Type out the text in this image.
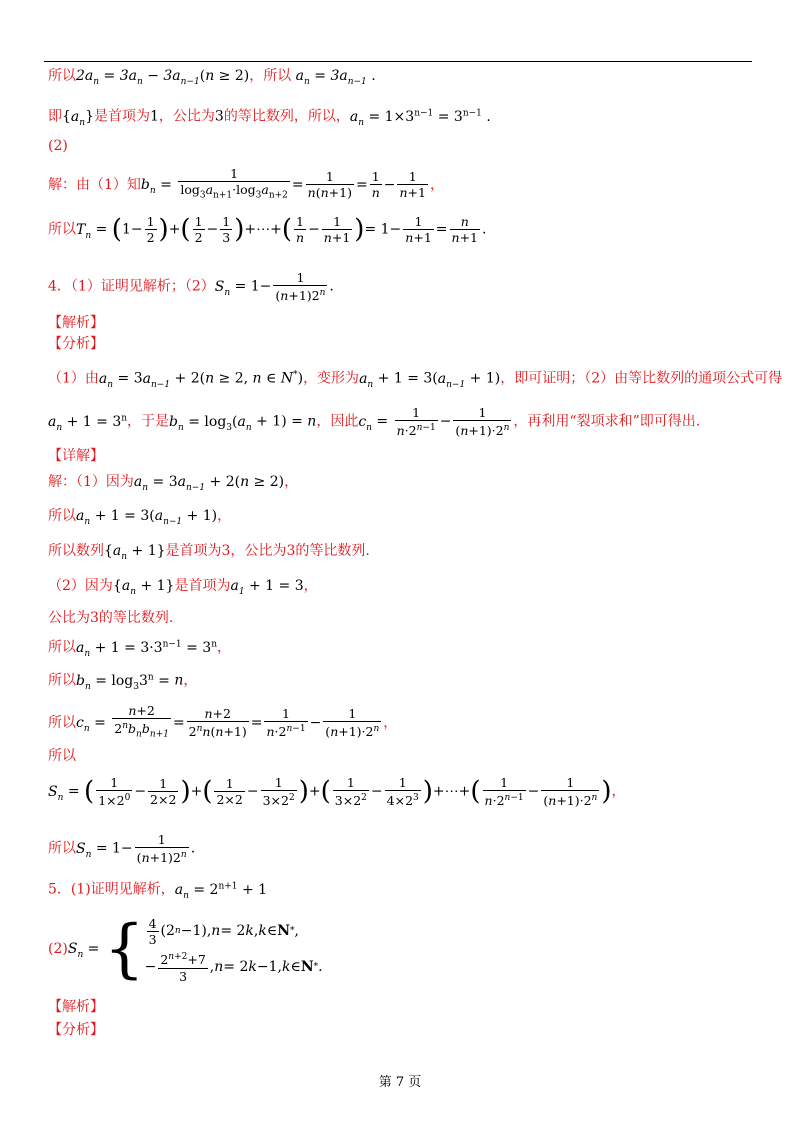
所以$2a_n = 3a_n - 3a_{n-1}(n \ge 2)$，所以 $a_n = 3a_{n-1}$ .
即$\{a_n\}$是首项为1，公比为3的等比数列，所以，$a_n = 1\times 3^{n-1} = 3^{n-1}$ .
(2)
解：由（1）知$b_n = \frac{1}{\log_3a_{n+1}\cdot\log_3a_{n+2}} = \frac{1}{n(n+1)} = \frac{1}{n} - \frac{1}{n+1}$ ，
所以$T_n = (1- \frac{1}{2}$ )+( $\frac{1}{2} - \frac{1}{3}$ )+⋯+( $\frac{1}{n} - \frac{1}{n+1}$ )= $1- \frac{1}{n+1} = \frac{n}{n+1}$ .
4．（1）证明见解析；$(2)S_n = 1- \frac{1}{(n+1)2^n}$ .
【解析】
【分析】
（1）由$a_n = 3a_{n-1} + 2(n \ge 2$, n ∈ N*)，变形为$a_n + 1 = 3(a_{n-1} + 1)$，即可证明；（2）由等比数列的通项公式可得
$a_n + 1 = 3^n$，于是$b_n = \log_3(a_n + 1) = n$，因此$c_n = \frac{1}{n\cdot 2^{n-1}} - \frac{1}{(n+1)\cdot 2^n}$ ，再利用“裂项求和”即可得出.
【详解】
解：（1）因为$a_n = 3a_{n-1} + 2(n \ge 2)$，
所以$a_n + 1 = 3(a_{n-1} + 1)$，
所以数列$\{a_n + 1\}$是首项为3，公比为3的等比数列.
（2）因为$\{a_n + 1\}$是首项为$a_1 + 1 = 3$，
公比为3的等比数列.
所以$a_n + 1 = 3\cdot 3^{n-1} = 3^n$，
所以$b_n = \log_33^n = n$，
所以$c_n = \frac{n+2}{2^nb_nb_{n+1}} = \frac{n+2}{2^nn(n+1)} = \frac{1}{n\cdot 2^{n-1}} - \frac{1}{(n+1)\cdot 2^n}$ ，
所以
$S_n$ = ( $\frac{1}{1\times 2^0} - \frac{1}{2\times 2}$ )+( $\frac{1}{2\times 2} - \frac{1}{3\times 2^2}$ )+( $\frac{1}{3\times 2^2} - \frac{1}{4\times 2^3}$ )+⋯+( $\frac{1}{n\cdot 2^{n-1}} - \frac{1}{(n+1)\cdot 2^n}$ )，
所以$S_n = 1- \frac{1}{(n+1)2^n}$ .
5．(1)证明见解析，$a_n = 2^{n+1} + 1$
$(2)S_n$ = { $\frac{4}{3} (2$ n −1), n = 2 k , k ∈ N * ,
− $\frac{2^{n+2}+7}{3}$ , n = 2 k −1, k ∈ N * .
【解析】
【分析】
第 7 页
